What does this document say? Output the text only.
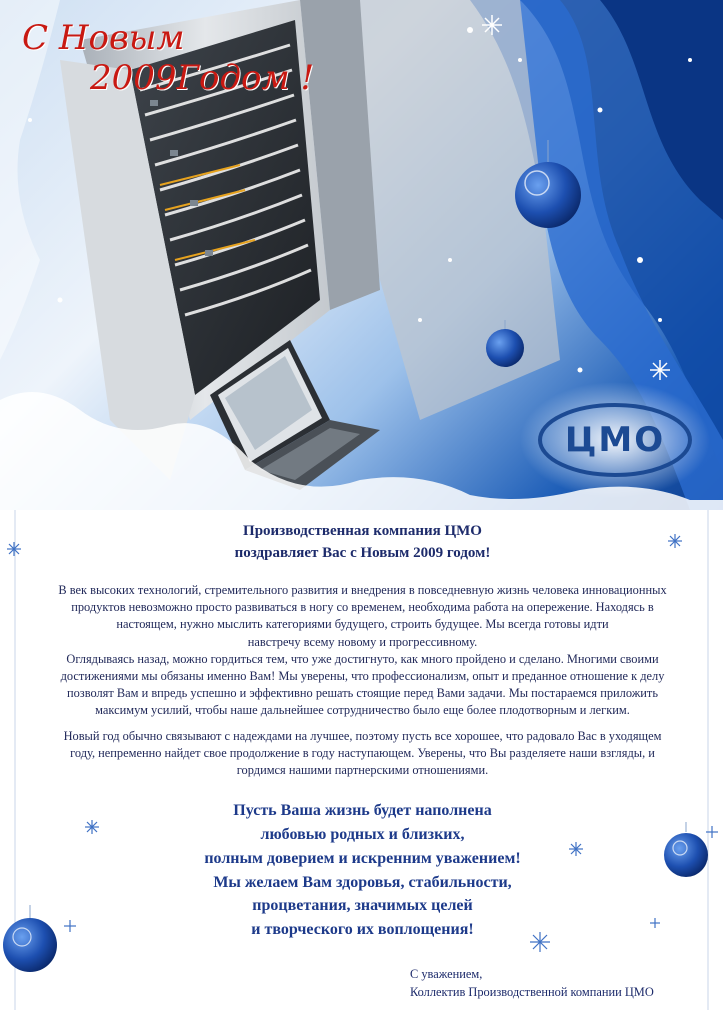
С Новым
2009Годом !
ЦМО

Производственная компания ЦМО
поздравляет Вас с Новым 2009 годом!

В век высоких технологий, стремительного развития и внедрения в повседневную жизнь человека инновационных
продуктов невозможно просто развиваться в ногу со временем, необходима работа на опережение. Находясь в
настоящем, нужно мыслить категориями будущего, строить будущее. Мы всегда готовы идти
навстречу всему новому и прогрессивному.

Оглядываясь назад, можно гордиться тем, что уже достигнуто, как много пройдено и сделано. Многими своими
достижениями мы обязаны именно Вам! Мы уверены, что профессионализм, опыт и преданное отношение к делу
позволят Вам и впредь успешно и эффективно решать стоящие перед Вами задачи. Мы постараемся приложить
максимум усилий, чтобы наше дальнейшее сотрудничество было еще более плодотворным и легким.

Новый год обычно связывают с надеждами на лучшее, поэтому пусть все хорошее, что радовало Вас в уходящем
году, непременно найдет свое продолжение в году наступающем. Уверены, что Вы разделяете наши взгляды, и
гордимся нашими партнерскими отношениями.

Пусть Ваша жизнь будет наполнена
любовью родных и близких,
полным доверием и искренним уважением!
Мы желаем Вам здоровья, стабильности,
процветания, значимых целей
и творческого их воплощения!

С уважением,
Коллектив Производственной компании ЦМО
